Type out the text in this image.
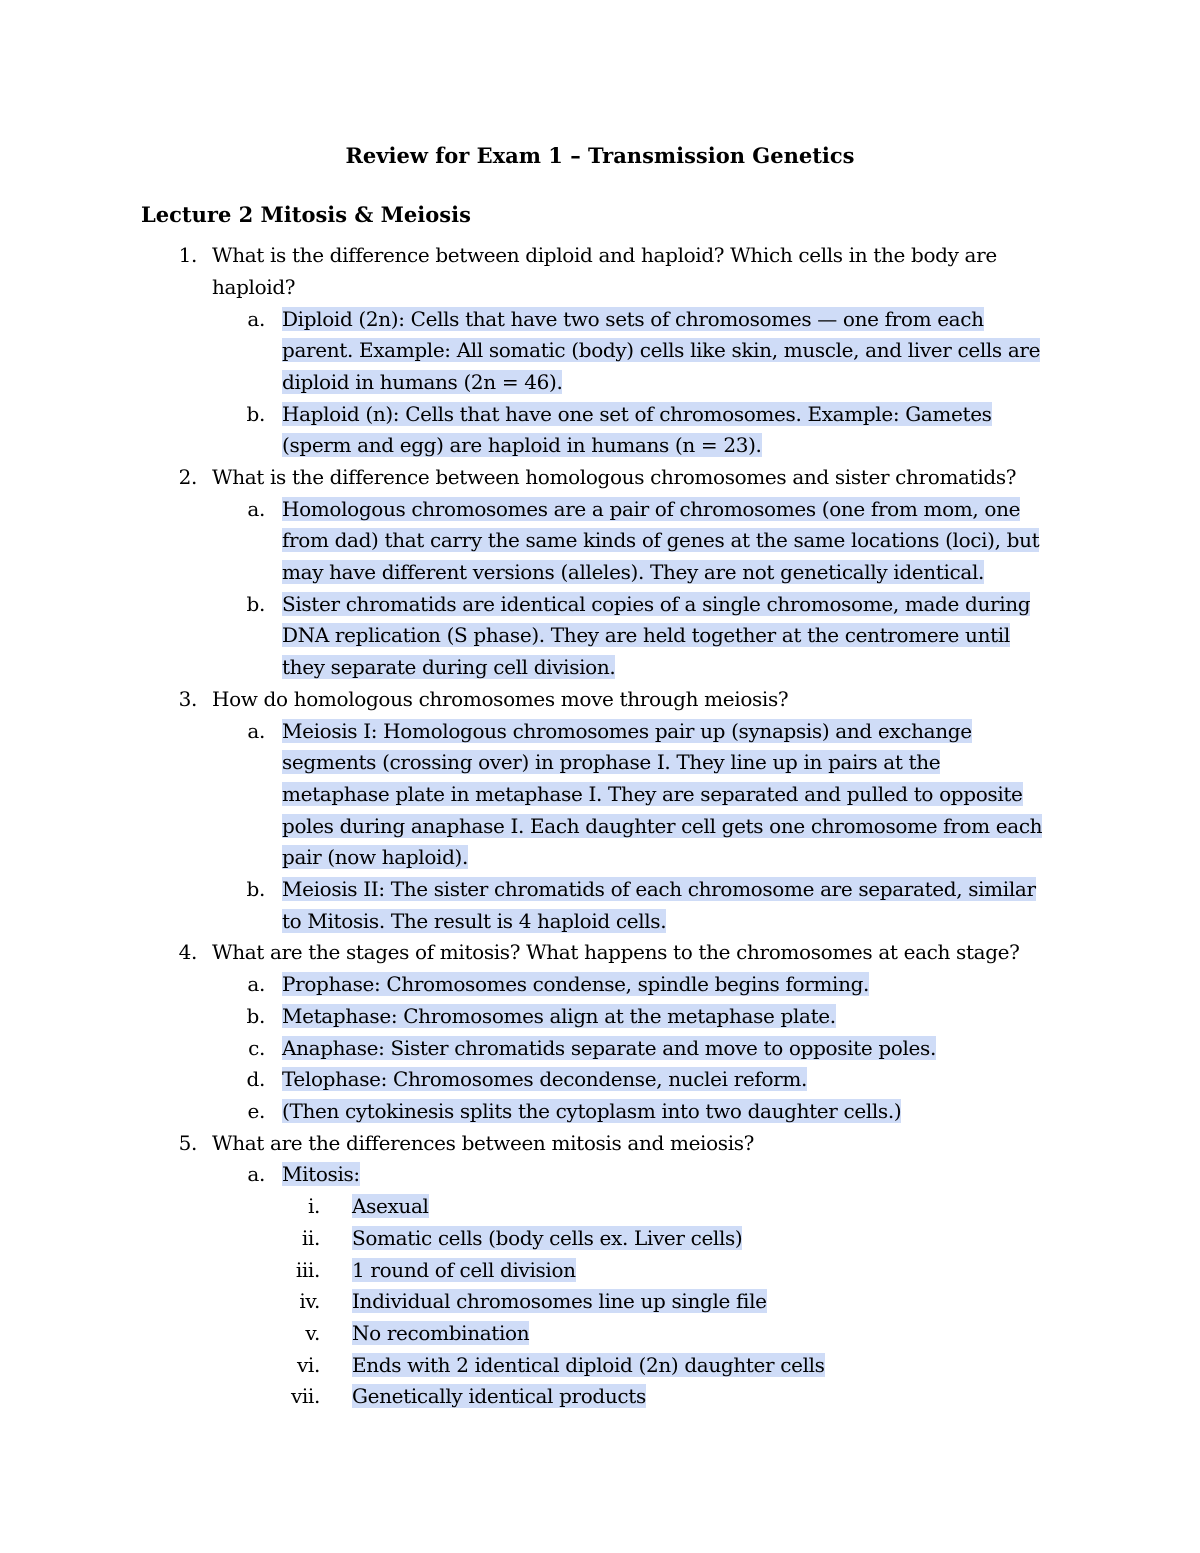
Review for Exam 1 – Transmission Genetics
Lecture 2 Mitosis & Meiosis
1. What is the difference between diploid and haploid? Which cells in the body are
haploid?
a. Diploid (2n): Cells that have two sets of chromosomes — one from each
parent. Example: All somatic (body) cells like skin, muscle, and liver cells are
diploid in humans (2n = 46).
b. Haploid (n): Cells that have one set of chromosomes. Example: Gametes
(sperm and egg) are haploid in humans (n = 23).
2. What is the difference between homologous chromosomes and sister chromatids?
a. Homologous chromosomes are a pair of chromosomes (one from mom, one
from dad) that carry the same kinds of genes at the same locations (loci), but
may have different versions (alleles). They are not genetically identical.
b. Sister chromatids are identical copies of a single chromosome, made during
DNA replication (S phase). They are held together at the centromere until
they separate during cell division.
3. How do homologous chromosomes move through meiosis?
a. Meiosis I: Homologous chromosomes pair up (synapsis) and exchange
segments (crossing over) in prophase I. They line up in pairs at the
metaphase plate in metaphase I. They are separated and pulled to opposite
poles during anaphase I. Each daughter cell gets one chromosome from each
pair (now haploid).
b. Meiosis II: The sister chromatids of each chromosome are separated, similar
to Mitosis. The result is 4 haploid cells.
4. What are the stages of mitosis? What happens to the chromosomes at each stage?
a. Prophase: Chromosomes condense, spindle begins forming.
b. Metaphase: Chromosomes align at the metaphase plate.
c. Anaphase: Sister chromatids separate and move to opposite poles.
d. Telophase: Chromosomes decondense, nuclei reform.
e. (Then cytokinesis splits the cytoplasm into two daughter cells.)
5. What are the differences between mitosis and meiosis?
a. Mitosis:
i. Asexual
ii. Somatic cells (body cells ex. Liver cells)
iii. 1 round of cell division
iv. Individual chromosomes line up single file
v. No recombination
vi. Ends with 2 identical diploid (2n) daughter cells
vii. Genetically identical products
